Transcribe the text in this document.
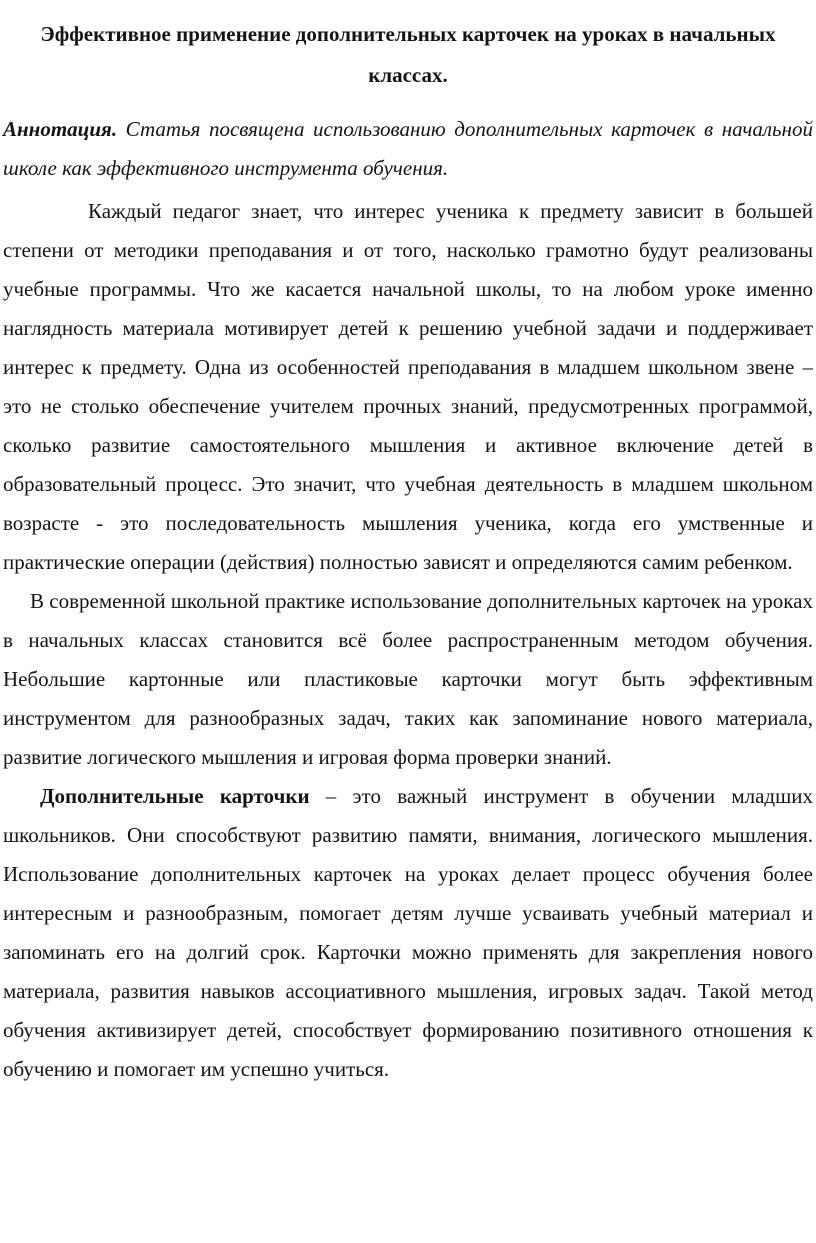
Эффективное применение дополнительных карточек на уроках в начальных классах.

Аннотация. Статья посвящена использованию дополнительных карточек в начальной школе как эффективного инструмента обучения.

Каждый педагог знает, что интерес ученика к предмету зависит в большей степени от методики преподавания и от того, насколько грамотно будут реализованы учебные программы. Что же касается начальной школы, то на любом уроке именно наглядность материала мотивирует детей к решению учебной задачи и поддерживает интерес к предмету. Одна из особенностей преподавания в младшем школьном звене – это не столько обеспечение учителем прочных знаний, предусмотренных программой, сколько развитие самостоятельного мышления и активное включение детей в образовательный процесс. Это значит, что учебная деятельность в младшем школьном возрасте - это последовательность мышления ученика, когда его умственные и практические операции (действия) полностью зависят и определяются самим ребенком.

В современной школьной практике использование дополнительных карточек на уроках в начальных классах становится всё более распространенным методом обучения. Небольшие картонные или пластиковые карточки могут быть эффективным инструментом для разнообразных задач, таких как запоминание нового материала, развитие логического мышления и игровая форма проверки знаний.

Дополнительные карточки – это важный инструмент в обучении младших школьников. Они способствуют развитию памяти, внимания, логического мышления. Использование дополнительных карточек на уроках делает процесс обучения более интересным и разнообразным, помогает детям лучше усваивать учебный материал и запоминать его на долгий срок. Карточки можно применять для закрепления нового материала, развития навыков ассоциативного мышления, игровых задач. Такой метод обучения активизирует детей, способствует формированию позитивного отношения к обучению и помогает им успешно учиться.
